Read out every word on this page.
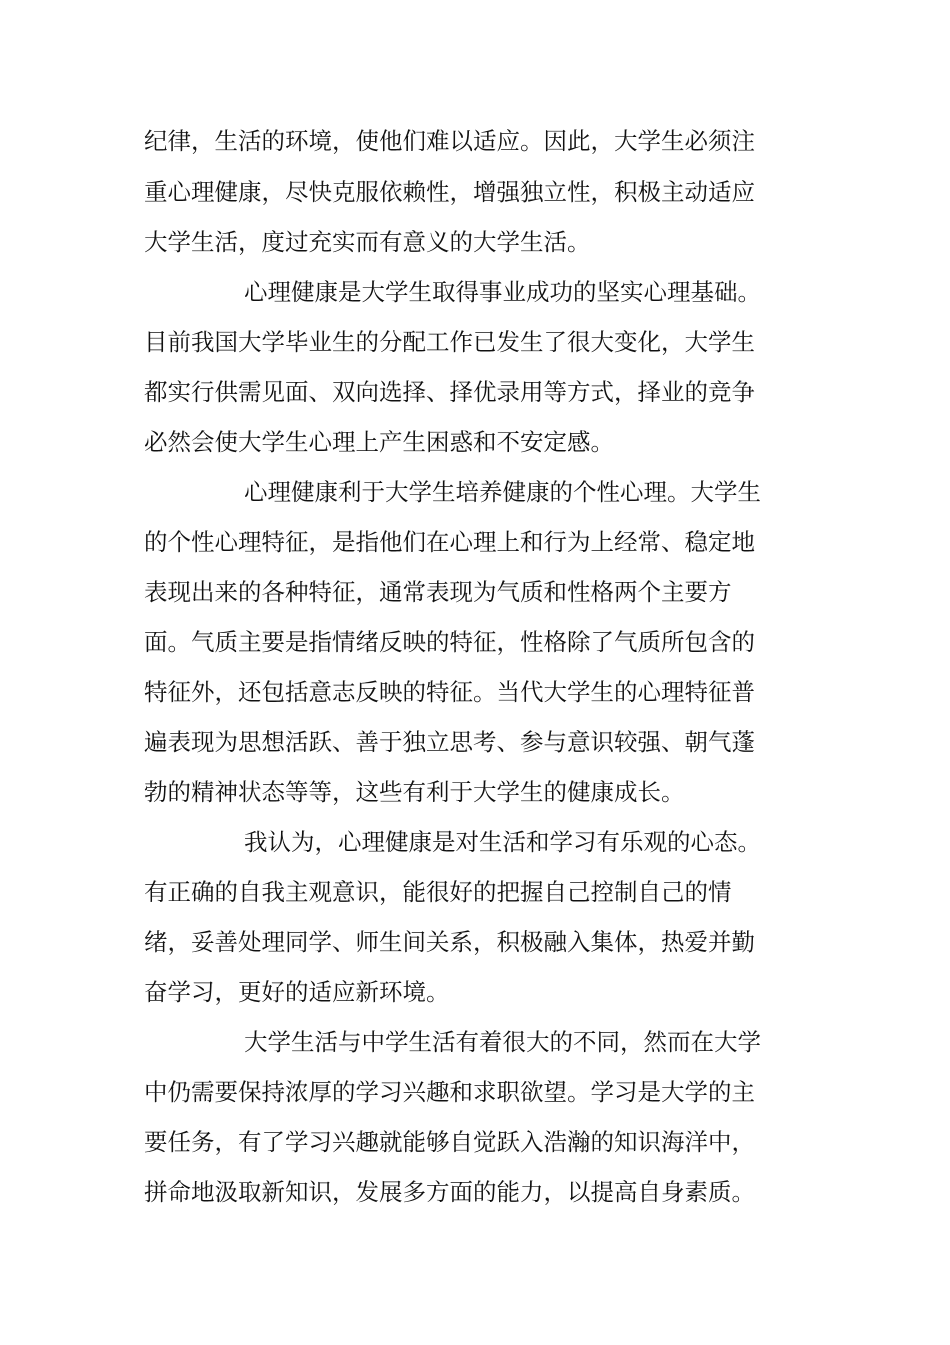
纪律，生活的环境，使他们难以适应。因此，大学生必须注
重心理健康，尽快克服依赖性，增强独立性，积极主动适应
大学生活，度过充实而有意义的大学生活。
心理健康是大学生取得事业成功的坚实心理基础。
目前我国大学毕业生的分配工作已发生了很大变化，大学生
都实行供需见面、双向选择、择优录用等方式，择业的竞争
必然会使大学生心理上产生困惑和不安定感。
心理健康利于大学生培养健康的个性心理。大学生
的个性心理特征，是指他们在心理上和行为上经常、稳定地
表现出来的各种特征，通常表现为气质和性格两个主要方
面。气质主要是指情绪反映的特征，性格除了气质所包含的
特征外，还包括意志反映的特征。当代大学生的心理特征普
遍表现为思想活跃、善于独立思考、参与意识较强、朝气蓬
勃的精神状态等等，这些有利于大学生的健康成长。
我认为，心理健康是对生活和学习有乐观的心态。
有正确的自我主观意识，能很好的把握自己控制自己的情
绪，妥善处理同学、师生间关系，积极融入集体，热爱并勤
奋学习，更好的适应新环境。
大学生活与中学生活有着很大的不同，然而在大学
中仍需要保持浓厚的学习兴趣和求职欲望。学习是大学的主
要任务，有了学习兴趣就能够自觉跃入浩瀚的知识海洋中，
拼命地汲取新知识，发展多方面的能力，以提高自身素质。
